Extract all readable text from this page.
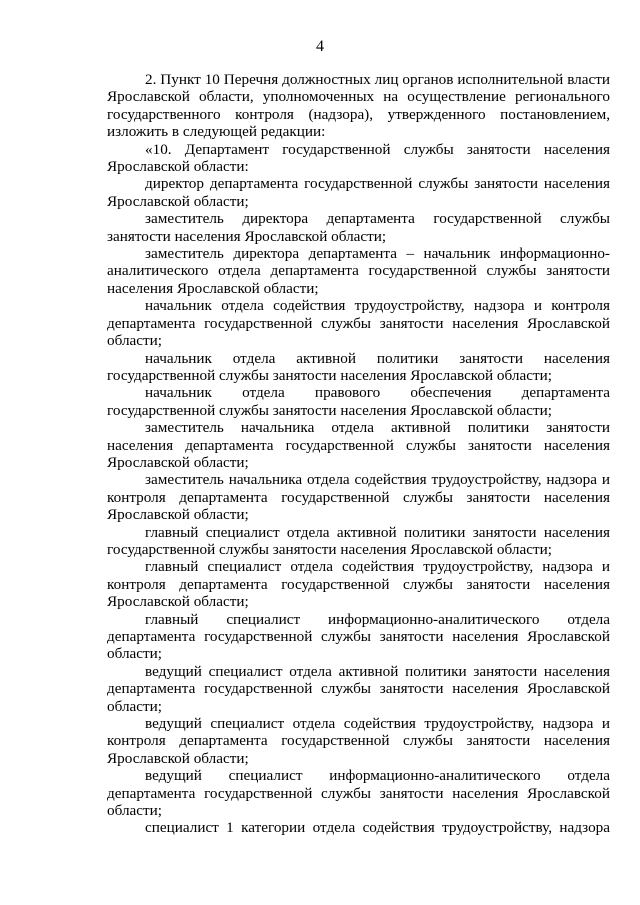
4

2. Пункт 10 Перечня должностных лиц органов исполнительной власти Ярославской области, уполномоченных на осуществление регионального государственного контроля (надзора), утвержденного постановлением, изложить в следующей редакции:

«10. Департамент государственной службы занятости населения Ярославской области:

директор департамента государственной службы занятости населения Ярославской области;

заместитель директора департамента государственной службы занятости населения Ярославской области;

заместитель директора департамента – начальник информационно-аналитического отдела департамента государственной службы занятости населения Ярославской области;

начальник отдела содействия трудоустройству, надзора и контроля департамента государственной службы занятости населения Ярославской области;

начальник отдела активной политики занятости населения государственной службы занятости населения Ярославской области;

начальник отдела правового обеспечения департамента государственной службы занятости населения Ярославской области;

заместитель начальника отдела активной политики занятости населения департамента государственной службы занятости населения Ярославской области;

заместитель начальника отдела содействия трудоустройству, надзора и контроля департамента государственной службы занятости населения Ярославской области;

главный специалист отдела активной политики занятости населения государственной службы занятости населения Ярославской области;

главный специалист отдела содействия трудоустройству, надзора и контроля департамента государственной службы занятости населения Ярославской области;

главный специалист информационно-аналитического отдела департамента государственной службы занятости населения Ярославской области;

ведущий специалист отдела активной политики занятости населения департамента государственной службы занятости населения Ярославской области;

ведущий специалист отдела содействия трудоустройству, надзора и контроля департамента государственной службы занятости населения Ярославской области;

ведущий специалист информационно-аналитического отдела департамента государственной службы занятости населения Ярославской области;

специалист 1 категории отдела содействия трудоустройству, надзора
